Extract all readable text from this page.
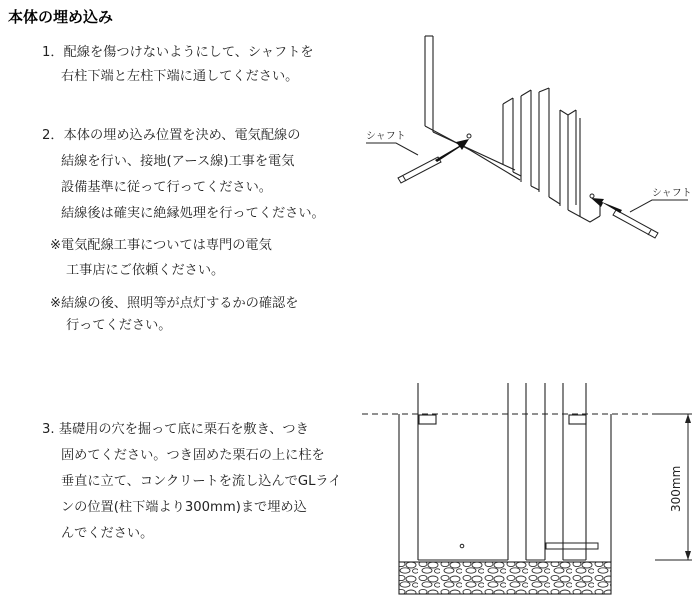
本体の埋め込み
1．配線を傷つけないようにして、シャフトを
右柱下端と左柱下端に通してください。
2．本体の埋め込み位置を決め、電気配線の
結線を行い、接地(アース線)工事を電気
設備基準に従って行ってください。
結線後は確実に絶縁処理を行ってください。
※電気配線工事については専門の電気
工事店にご依頼ください。
※結線の後、照明等が点灯するかの確認を
行ってください。
3. 基礎用の穴を掘って底に栗石を敷き、つき
固めてください。つき固めた栗石の上に柱を
垂直に立て、コンクリートを流し込んでGLライ
ンの位置(柱下端より300mm)まで埋め込
んでください。
シャフト
シャフト
300mm
